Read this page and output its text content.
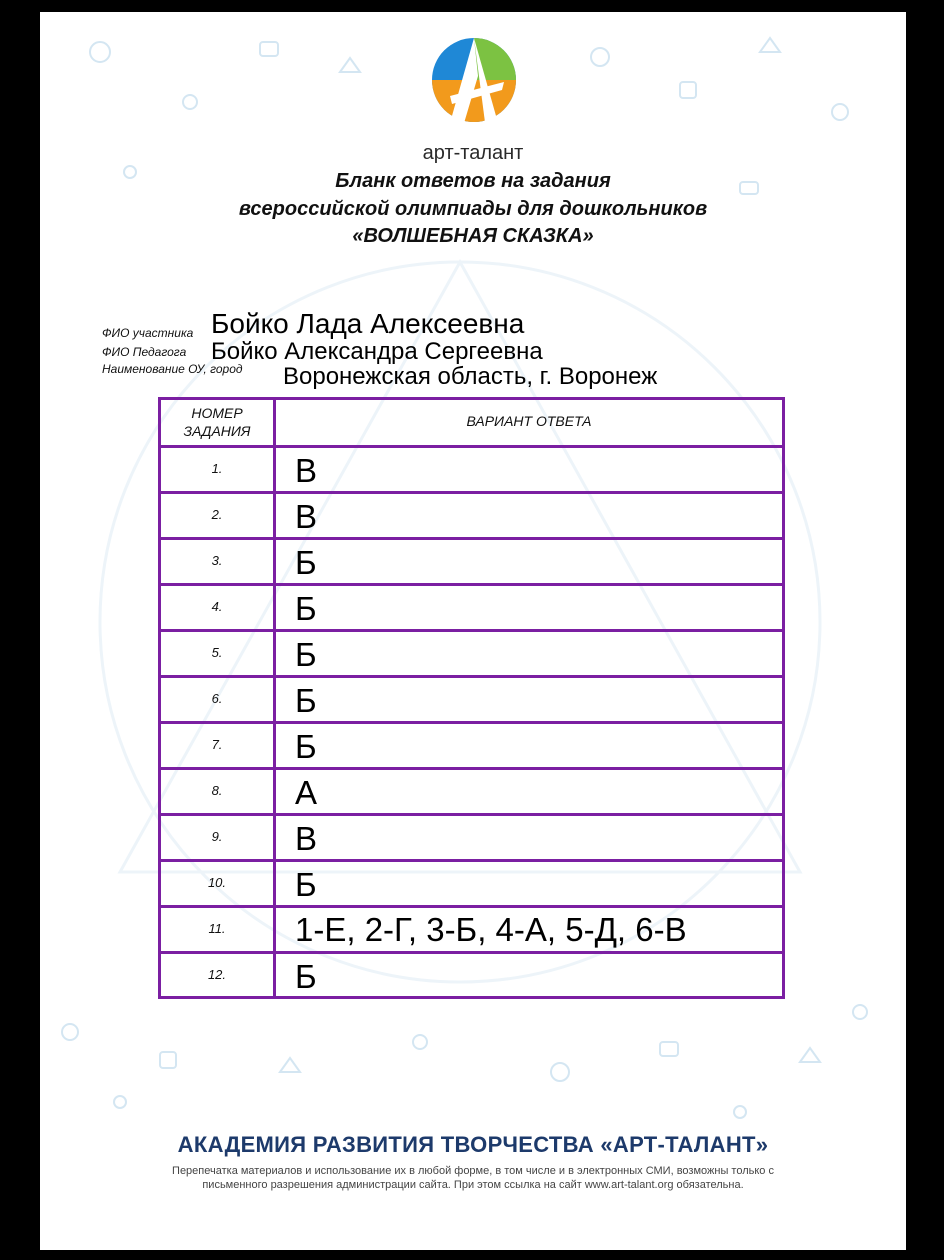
арт-талант
Бланк ответов на задания
всероссийской олимпиады для дошкольников
«ВОЛШЕБНАЯ СКАЗКА»
ФИО участника Бойко Лада Алексеевна
ФИО Педагога Бойко Александра Сергеевна
Наименование ОУ, город Воронежская область, г. Воронеж
НОМЕР ЗАДАНИЯ
ВАРИАНТ ОТВЕТА
1.	В
2.	В
3.	Б
4.	Б
5.	Б
6.	Б
7.	Б
8.	А
9.	В
10.	Б
11.	1-Е, 2-Г, 3-Б, 4-А, 5-Д, 6-В
12.	Б
АКАДЕМИЯ РАЗВИТИЯ ТВОРЧЕСТВА «АРТ-ТАЛАНТ»
Перепечатка материалов и использование их в любой форме, в том числе и в электронных СМИ, возможны только с
письменного разрешения администрации сайта. При этом ссылка на сайт www.art-talant.org обязательна.
